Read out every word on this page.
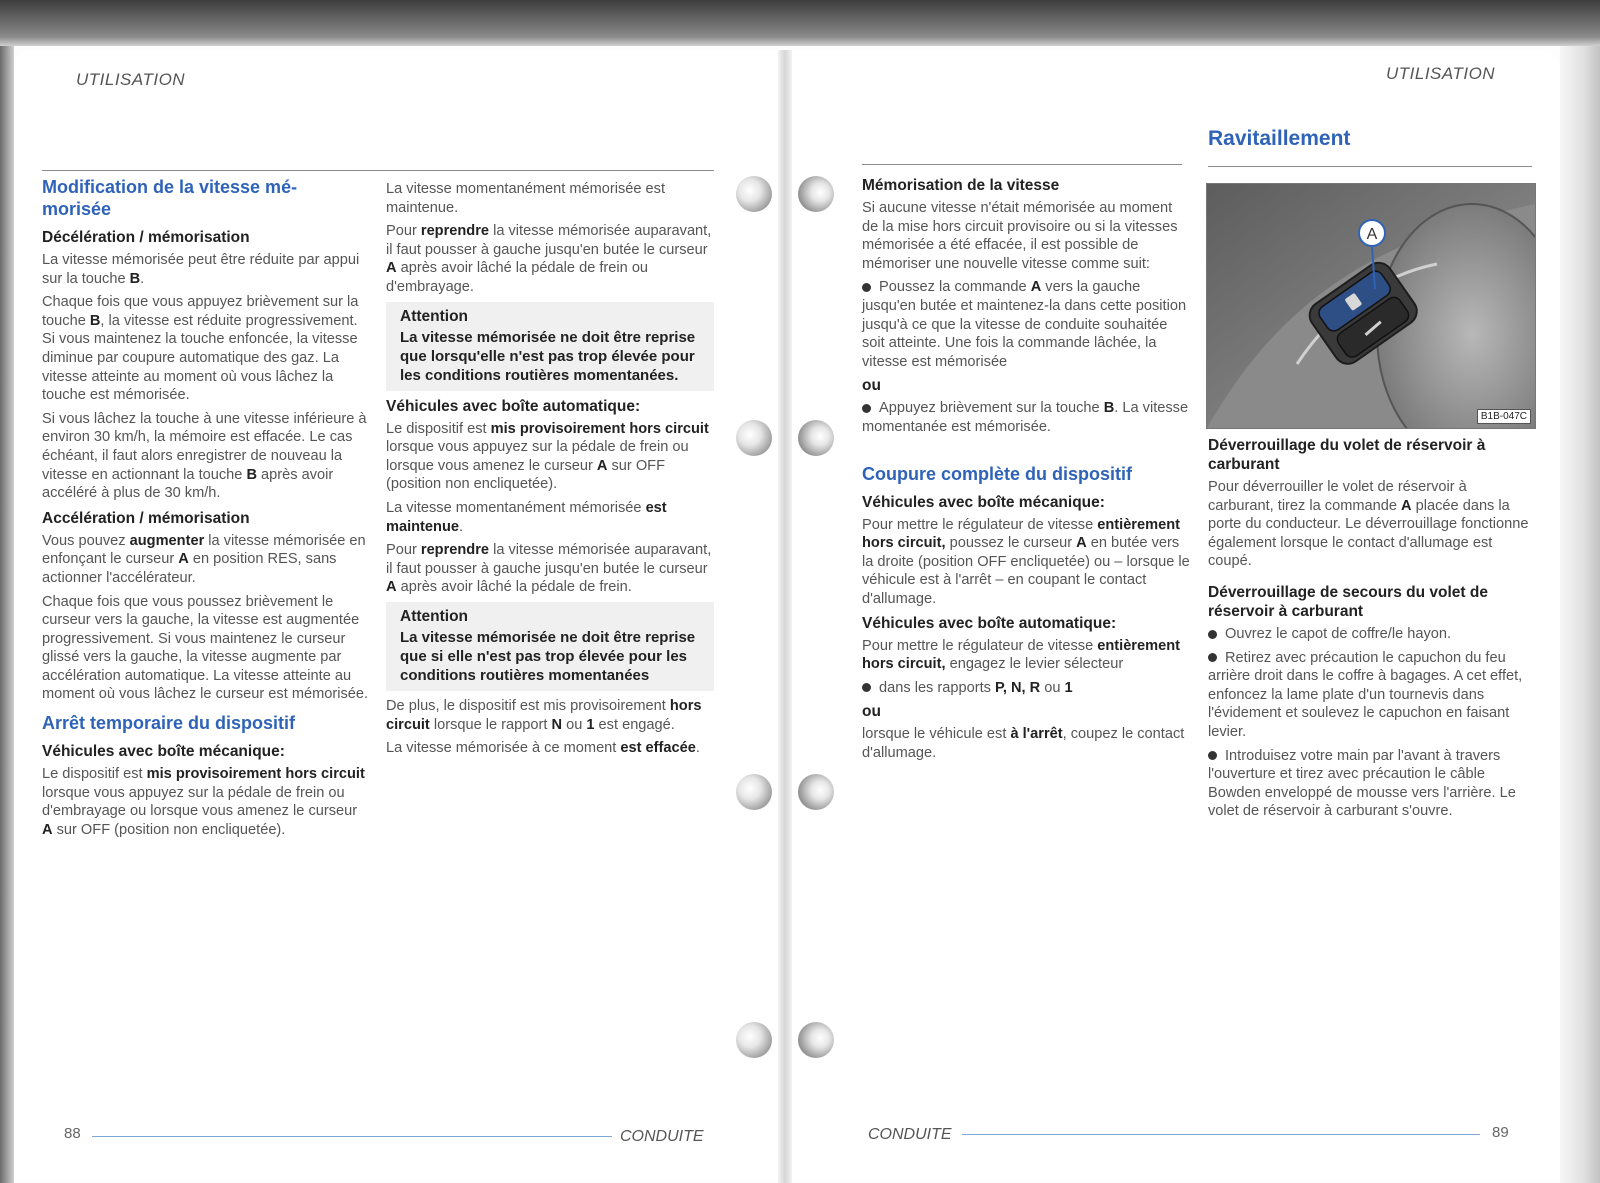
UTILISATION	UTILISATION
Modification de la vitesse mé-
morisée
Décélération / mémorisation

La vitesse mémorisée peut être réduite par appui sur la touche B.

Chaque fois que vous appuyez brièvement sur la touche B, la vitesse est réduite progressivement. Si vous maintenez la touche enfoncée, la vitesse diminue par coupure automatique des gaz. La vitesse atteinte au moment où vous lâchez la touche est mémorisée.

Si vous lâchez la touche à une vitesse inférieure à environ 30 km/h, la mémoire est effacée. Le cas échéant, il faut alors enregistrer de nouveau la vitesse en actionnant la touche B après avoir accéléré à plus de 30 km/h.

Accélération / mémorisation

Vous pouvez augmenter la vitesse mémorisée en enfonçant le curseur A en position RES, sans actionner l'accélérateur.

Chaque fois que vous poussez brièvement le curseur vers la gauche, la vitesse est augmentée progressivement. Si vous maintenez le curseur glissé vers la gauche, la vitesse augmente par accélération automatique. La vitesse atteinte au moment où vous lâchez le curseur est mémorisée.

Arrêt temporaire du dispositif
Véhicules avec boîte mécanique:

Le dispositif est mis provisoirement hors circuit lorsque vous appuyez sur la pédale de frein ou d'embrayage ou lorsque vous amenez le curseur A sur OFF (position non encliquetée).

La vitesse momentanément mémorisée est maintenue.

Pour reprendre la vitesse mémorisée auparavant, il faut pousser à gauche jusqu'en butée le curseur A après avoir lâché la pédale de frein ou d'embrayage.

Attention
La vitesse mémorisée ne doit être reprise que lorsqu'elle n'est pas trop élevée pour les conditions routières momentanées.
Véhicules avec boîte automatique:

Le dispositif est mis provisoirement hors circuit lorsque vous appuyez sur la pédale de frein ou lorsque vous amenez le curseur A sur OFF (position non encliquetée).

La vitesse momentanément mémorisée est maintenue.

Pour reprendre la vitesse mémorisée auparavant, il faut pousser à gauche jusqu'en butée le curseur A après avoir lâché la pédale de frein.

Attention
La vitesse mémorisée ne doit être reprise que si elle n'est pas trop élevée pour les conditions routières momentanées

De plus, le dispositif est mis provisoirement hors circuit lorsque le rapport N ou 1 est engagé.

La vitesse mémorisée à ce moment est effacée.

Mémorisation de la vitesse

Si aucune vitesse n'était mémorisée au moment de la mise hors circuit provisoire ou si la vitesses mémorisée a été effacée, il est possible de mémoriser une nouvelle vitesse comme suit:

Poussez la commande A vers la gauche jusqu'en butée et maintenez-la dans cette position jusqu'à ce que la vitesse de conduite souhaitée soit atteinte. Une fois la commande lâchée, la vitesse est mémorisée

ou

Appuyez brièvement sur la touche B. La vitesse momentanée est mémorisée.

Coupure complète du dispositif
Véhicules avec boîte mécanique:

Pour mettre le régulateur de vitesse entièrement hors circuit, poussez le curseur A en butée vers la droite (position OFF encliquetée) ou – lorsque le véhicule est à l'arrêt – en coupant le contact d'allumage.

Véhicules avec boîte automatique:

Pour mettre le régulateur de vitesse entièrement hors circuit, engagez le levier sélecteur

dans les rapports P, N, R ou 1

ou

lorsque le véhicule est à l'arrêt, coupez le contact d'allumage.

Ravitaillement
A
B1B-047C
Déverrouillage du volet de réservoir à carburant

Pour déverrouiller le volet de réservoir à carburant, tirez la commande A placée dans la porte du conducteur. Le déverrouillage fonctionne également lorsque le contact d'allumage est coupé.

Déverrouillage de secours du volet de réservoir à carburant

Ouvrez le capot de coffre/le hayon.

Retirez avec précaution le capuchon du feu arrière droit dans le coffre à bagages. A cet effet, enfoncez la lame plate d'un tournevis dans l'évidement et soulevez le capuchon en faisant levier.

Introduisez votre main par l'avant à travers l'ouverture et tirez avec précaution le câble Bowden enveloppé de mousse vers l'arrière. Le volet de réservoir à carburant s'ouvre.

88	CONDUITE	CONDUITE	89
